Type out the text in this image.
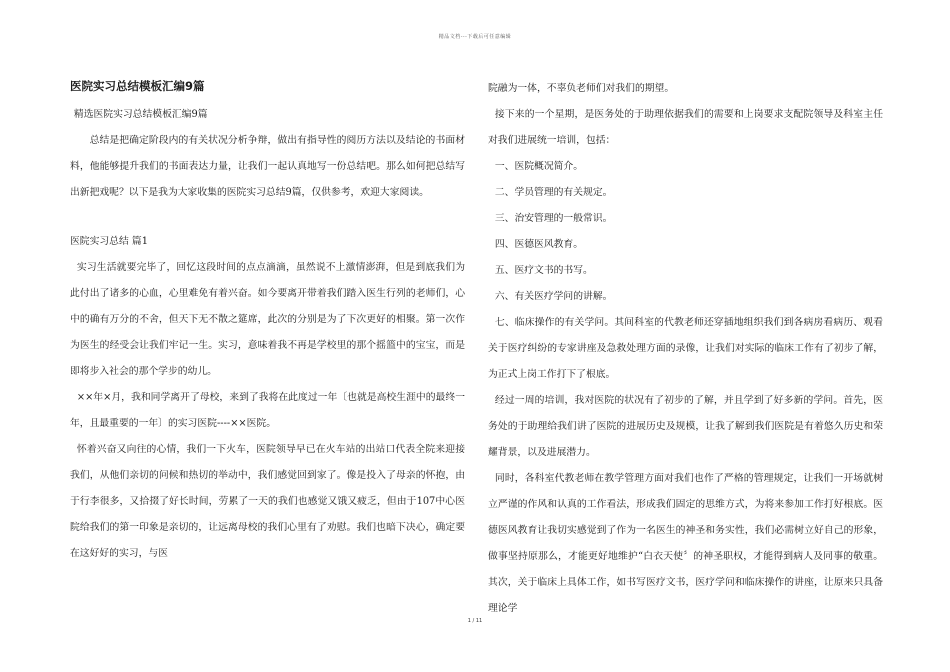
精品文档---下载后可任意编辑
医院实习总结模板汇编9篇

精选医院实习总结模板汇编9篇

总结是把确定阶段内的有关状况分析争辩，做出有指导性的阅历方法以及结论的书面材料，他能够提升我们的书面表达力量，让我们一起认真地写一份总结吧。那么如何把总结写出新把戏呢？以下是我为大家收集的医院实习总结9篇，仅供参考，欢迎大家阅读。

医院实习总结 篇1

实习生活就要完毕了，回忆这段时间的点点滴滴，虽然说不上激情澎湃，但是到底我们为此付出了诸多的心血，心里难免有着兴奋。如今要离开带着我们踏入医生行列的老师们，心中的确有万分的不舍，但天下无不散之筵席，此次的分别是为了下次更好的相聚。第一次作为医生的经受会让我们牢记一生。实习，意味着我不再是学校里的那个摇篮中的宝宝，而是即将步入社会的那个学步的幼儿。

××年×月，我和同学离开了母校，来到了我将在此度过一年〔也就是高校生涯中的最终一年，且最重要的一年〕的实习医院----××医院。

怀着兴奋又向往的心情，我们一下火车，医院领导早已在火车站的出站口代表全院来迎接我们，从他们亲切的问候和热切的举动中，我们感觉回到家了。像是投入了母亲的怀抱，由于行李很多，又拾掇了好长时间，劳累了一天的我们也感觉又饿又疲乏，但由于107中心医院给我们的第一印象是亲切的，让远离母校的我们心里有了劝慰。我们也暗下决心，确定要在这好好的实习，与医

院融为一体，不辜负老师们对我们的期望。

接下来的一个星期，是医务处的于助理依据我们的需要和上岗要求支配院领导及科室主任对我们进展统一培训，包括：

一、医院概况简介。

二、学员管理的有关规定。

三、治安管理的一般常识。

四、医德医风教育。

五、医疗文书的书写。

六、有关医疗学问的讲解。

七、临床操作的有关学问。其间科室的代教老师还穿插地组织我们到各病房看病历、观看关于医疗纠纷的专家讲座及急救处理方面的录像，让我们对实际的临床工作有了初步了解，为正式上岗工作打下了根底。

经过一周的培训，我对医院的状况有了初步的了解，并且学到了好多新的学问。首先，医务处的于助理给我们讲了医院的进展历史及规模，让我了解到我们医院是有着悠久历史和荣耀背景，以及进展潜力。

同时，各科室代教老师在教学管理方面对我们也作了严格的管理规定，让我们一开场就树立严谨的作风和认真的工作看法，形成我们固定的思维方式，为将来参加工作打好根底。医德医风教育让我切实感觉到了作为一名医生的神圣和务实性，我们必需树立好自己的形象，做事坚持原那么，才能更好地维护“白衣天使〞的神圣职权，才能得到病人及同事的敬重。其次，关于临床上具体工作，如书写医疗文书，医疗学问和临床操作的讲座，让原来只具备理论学

1 / 11
